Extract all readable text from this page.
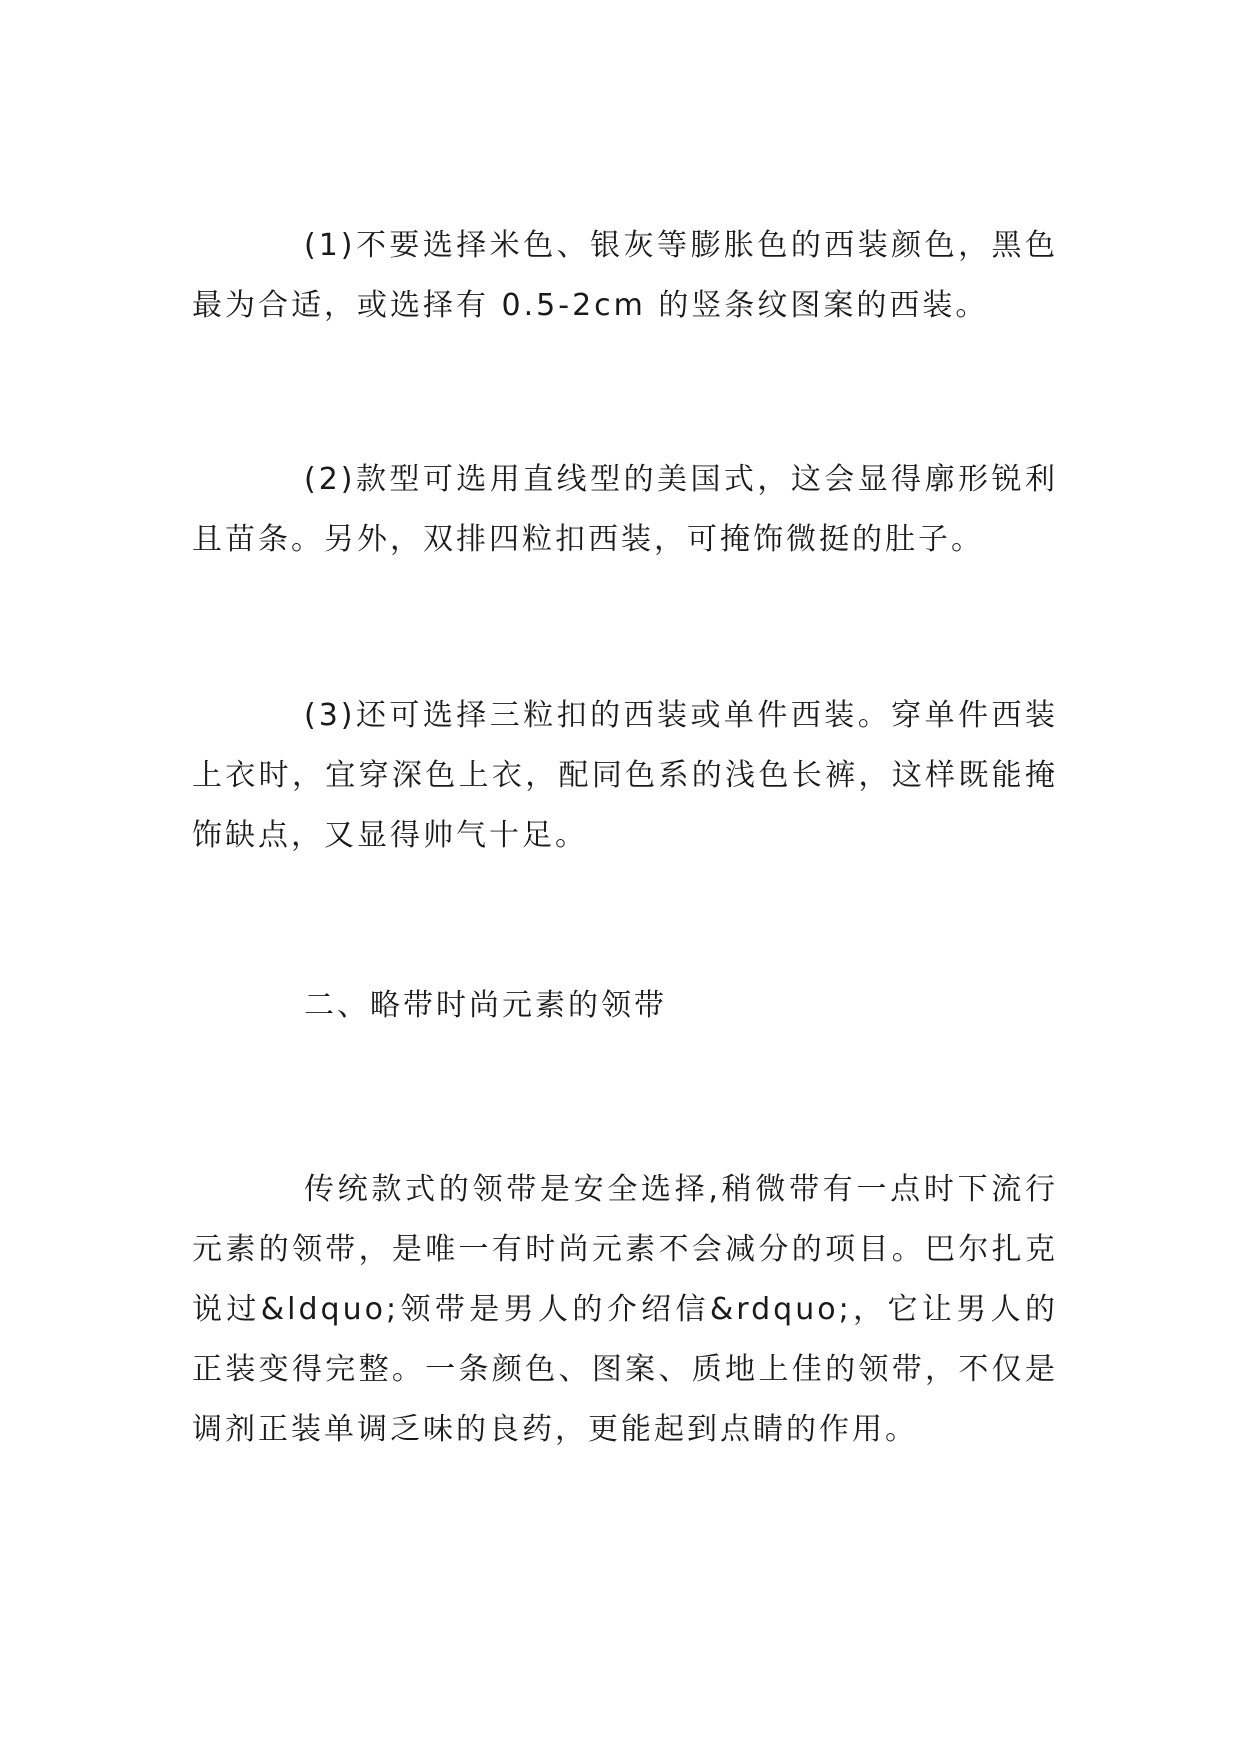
(1)不要选择米色、银灰等膨胀色的西装颜色，黑色最为合适，或选择有 0.5-2cm 的竖条纹图案的西装。

(2)款型可选用直线型的美国式，这会显得廓形锐利且苗条。另外，双排四粒扣西装，可掩饰微挺的肚子。

(3)还可选择三粒扣的西装或单件西装。穿单件西装上衣时，宜穿深色上衣，配同色系的浅色长裤，这样既能掩饰缺点，又显得帅气十足。

二、略带时尚元素的领带

传统款式的领带是安全选择,稍微带有一点时下流行元素的领带，是唯一有时尚元素不会减分的项目。巴尔扎克说过&ldquo;领带是男人的介绍信&rdquo;，它让男人的正装变得完整。一条颜色、图案、质地上佳的领带，不仅是调剂正装单调乏味的良药，更能起到点睛的作用。
